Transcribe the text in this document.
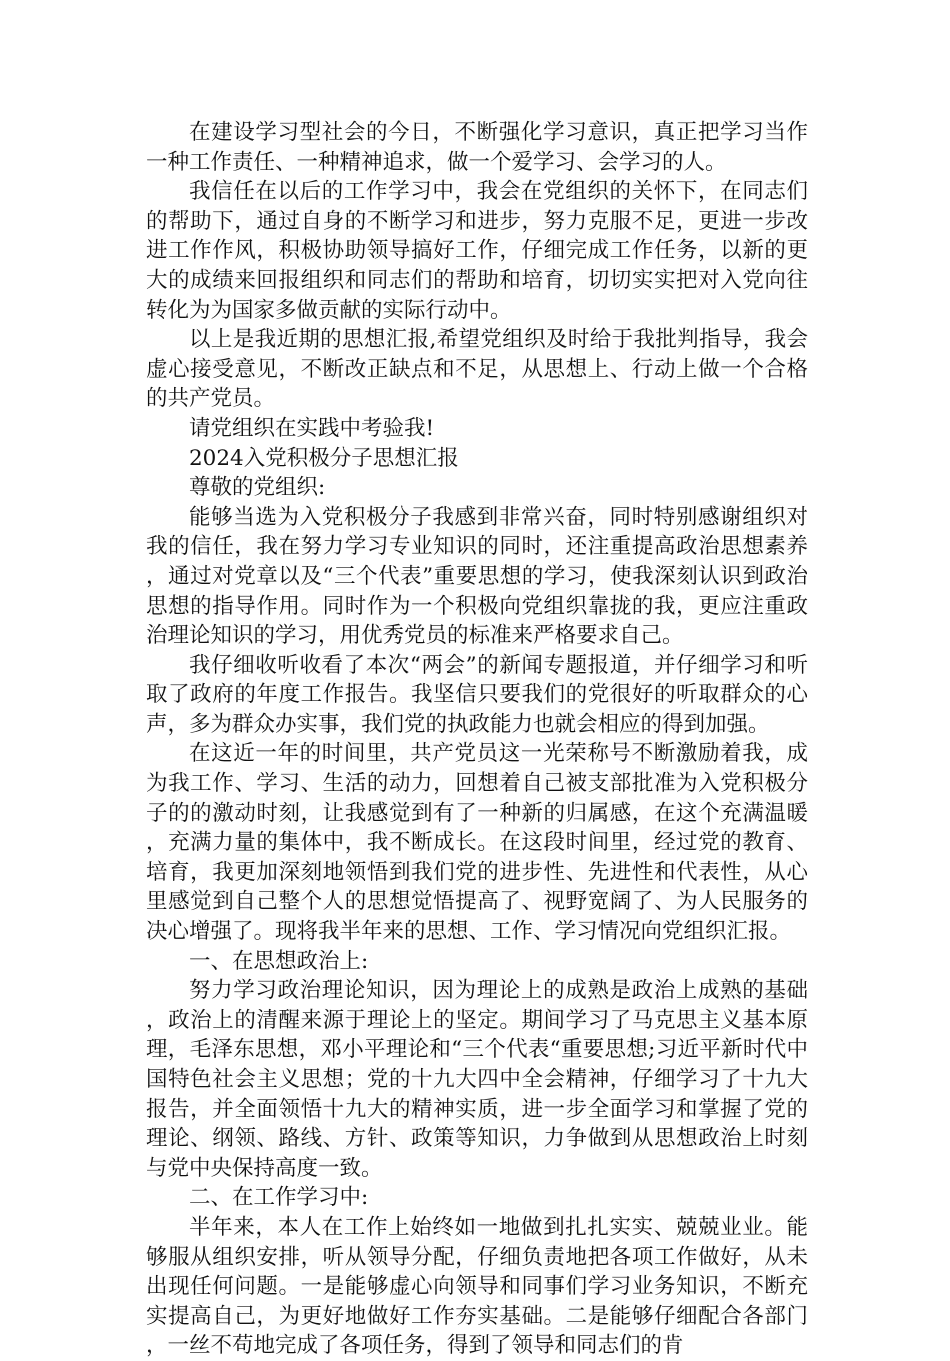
在建设学习型社会的今日，不断强化学习意识，真正把学习当作一种工作责任、一种精神追求，做一个爱学习、会学习的人。

我信任在以后的工作学习中，我会在党组织的关怀下，在同志们的帮助下，通过自身的不断学习和进步，努力克服不足，更进一步改进工作作风，积极协助领导搞好工作，仔细完成工作任务，以新的更大的成绩来回报组织和同志们的帮助和培育，切切实实把对入党向往转化为为国家多做贡献的实际行动中。

以上是我近期的思想汇报,希望党组织及时给于我批判指导，我会虚心接受意见，不断改正缺点和不足，从思想上、行动上做一个合格的共产党员。

请党组织在实践中考验我!

2024入党积极分子思想汇报

尊敬的党组织:

能够当选为入党积极分子我感到非常兴奋，同时特别感谢组织对我的信任，我在努力学习专业知识的同时，还注重提高政治思想素养，通过对党章以及“三个代表”重要思想的学习，使我深刻认识到政治思想的指导作用。同时作为一个积极向党组织靠拢的我，更应注重政治理论知识的学习，用优秀党员的标准来严格要求自己。

我仔细收听收看了本次“两会”的新闻专题报道，并仔细学习和听取了政府的年度工作报告。我坚信只要我们的党很好的听取群众的心声，多为群众办实事，我们党的执政能力也就会相应的得到加强。

在这近一年的时间里，共产党员这一光荣称号不断激励着我，成为我工作、学习、生活的动力，回想着自己被支部批准为入党积极分子的的激动时刻，让我感觉到有了一种新的归属感，在这个充满温暖，充满力量的集体中，我不断成长。在这段时间里，经过党的教育、培育，我更加深刻地领悟到我们党的进步性、先进性和代表性，从心里感觉到自己整个人的思想觉悟提高了、视野宽阔了、为人民服务的决心增强了。现将我半年来的思想、工作、学习情况向党组织汇报。

一、在思想政治上:

努力学习政治理论知识，因为理论上的成熟是政治上成熟的基础，政治上的清醒来源于理论上的坚定。期间学习了马克思主义基本原理，毛泽东思想，邓小平理论和“三个代表“重要思想;习近平新时代中国特色社会主义思想；党的十九大四中全会精神，仔细学习了十九大报告，并全面领悟十九大的精神实质，进一步全面学习和掌握了党的理论、纲领、路线、方针、政策等知识，力争做到从思想政治上时刻与党中央保持高度一致。

二、在工作学习中:

半年来，本人在工作上始终如一地做到扎扎实实、兢兢业业。能够服从组织安排，听从领导分配，仔细负责地把各项工作做好，从未出现任何问题。一是能够虚心向领导和同事们学习业务知识，不断充实提高自己，为更好地做好工作夯实基础。二是能够仔细配合各部门，一丝不苟地完成了各项任务，得到了领导和同志们的肯
